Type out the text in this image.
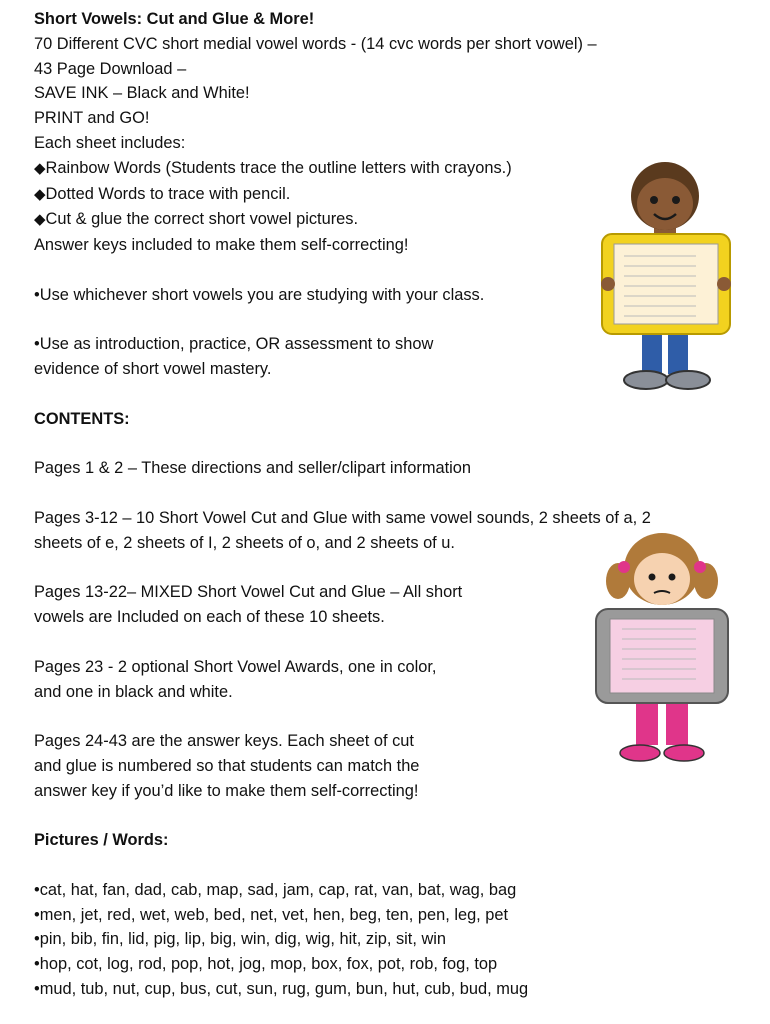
Short Vowels: Cut and Glue & More!
70 Different CVC short medial vowel words - (14 cvc words per short vowel) –
43 Page Download –
SAVE INK – Black and White!
PRINT and GO!
Each sheet includes:
◆Rainbow Words (Students trace the outline letters with crayons.)
◆Dotted Words to trace with pencil.
◆Cut & glue the correct short vowel pictures.
Answer keys included to make them self-correcting!
•Use whichever short vowels you are studying with your class.
•Use as introduction, practice, OR assessment to show
evidence of short vowel mastery.
CONTENTS:
Pages 1 & 2 – These directions and seller/clipart information
Pages 3-12 – 10 Short Vowel Cut and Glue with same vowel sounds, 2 sheets of a, 2
sheets of e, 2 sheets of I, 2 sheets of o, and 2 sheets of u.
Pages 13-22– MIXED Short Vowel Cut and Glue – All short
vowels are Included on each of these 10 sheets.
Pages 23 - 2 optional Short Vowel Awards, one in color,
and one in black and white.
Pages 24-43 are the answer keys. Each sheet of cut
and glue is numbered so that students can match the
answer key if you’d like to make them self-correcting!
Pictures / Words:
•cat, hat, fan, dad, cab, map, sad, jam, cap, rat, van, bat, wag, bag
•men, jet, red, wet, web, bed, net, vet, hen, beg, ten, pen, leg, pet
•pin, bib, fin, lid, pig, lip, big, win, dig, wig, hit, zip, sit, win
•hop, cot, log, rod, pop, hot, jog, mop, box, fox, pot, rob, fog, top
•mud, tub, nut, cup, bus, cut, sun, rug, gum, bun, hut, cub, bud, mug
